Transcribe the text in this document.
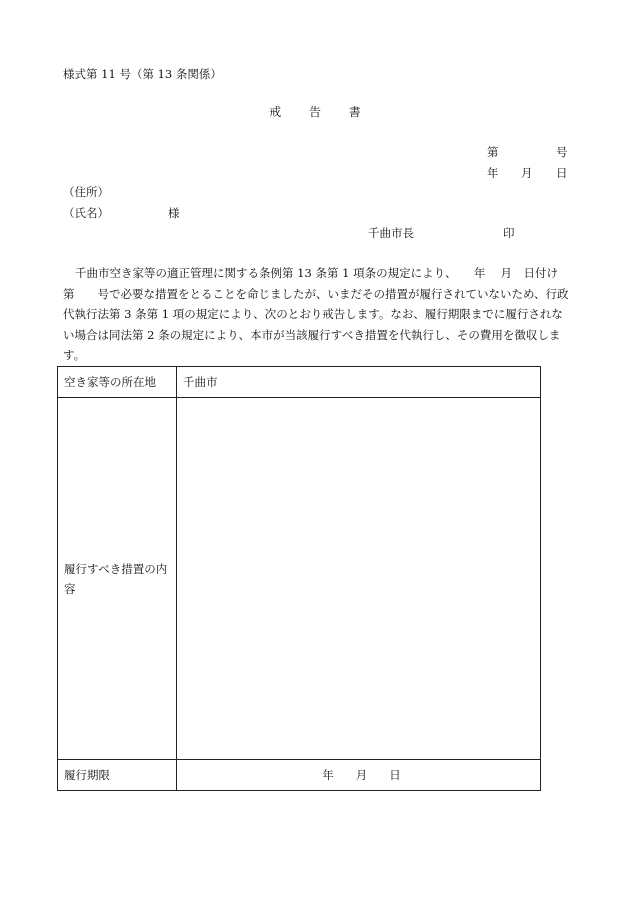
様式第 11 号（第 13 条関係）
戒 告 書
第	号
年 月 日
（住所）
（氏名）	様
千曲市長	印
千曲市空き家等の適正管理に関する条例第 13 条第 1 項条の規定により、　　年　 月　日付け 第　　号で必要な措置をとることを命じましたが、いまだその措置が履行されていないため、行政代執行法第 3 条第 1 項の規定により、次のとおり戒告します。なお、履行期限までに履行されない場合は同法第 2 条の規定により、本市が当該履行すべき措置を代執行し、その費用を徴収します。
空き家等の所在地	千曲市
履行すべき措置の内容	
履行期限	年 月 日
